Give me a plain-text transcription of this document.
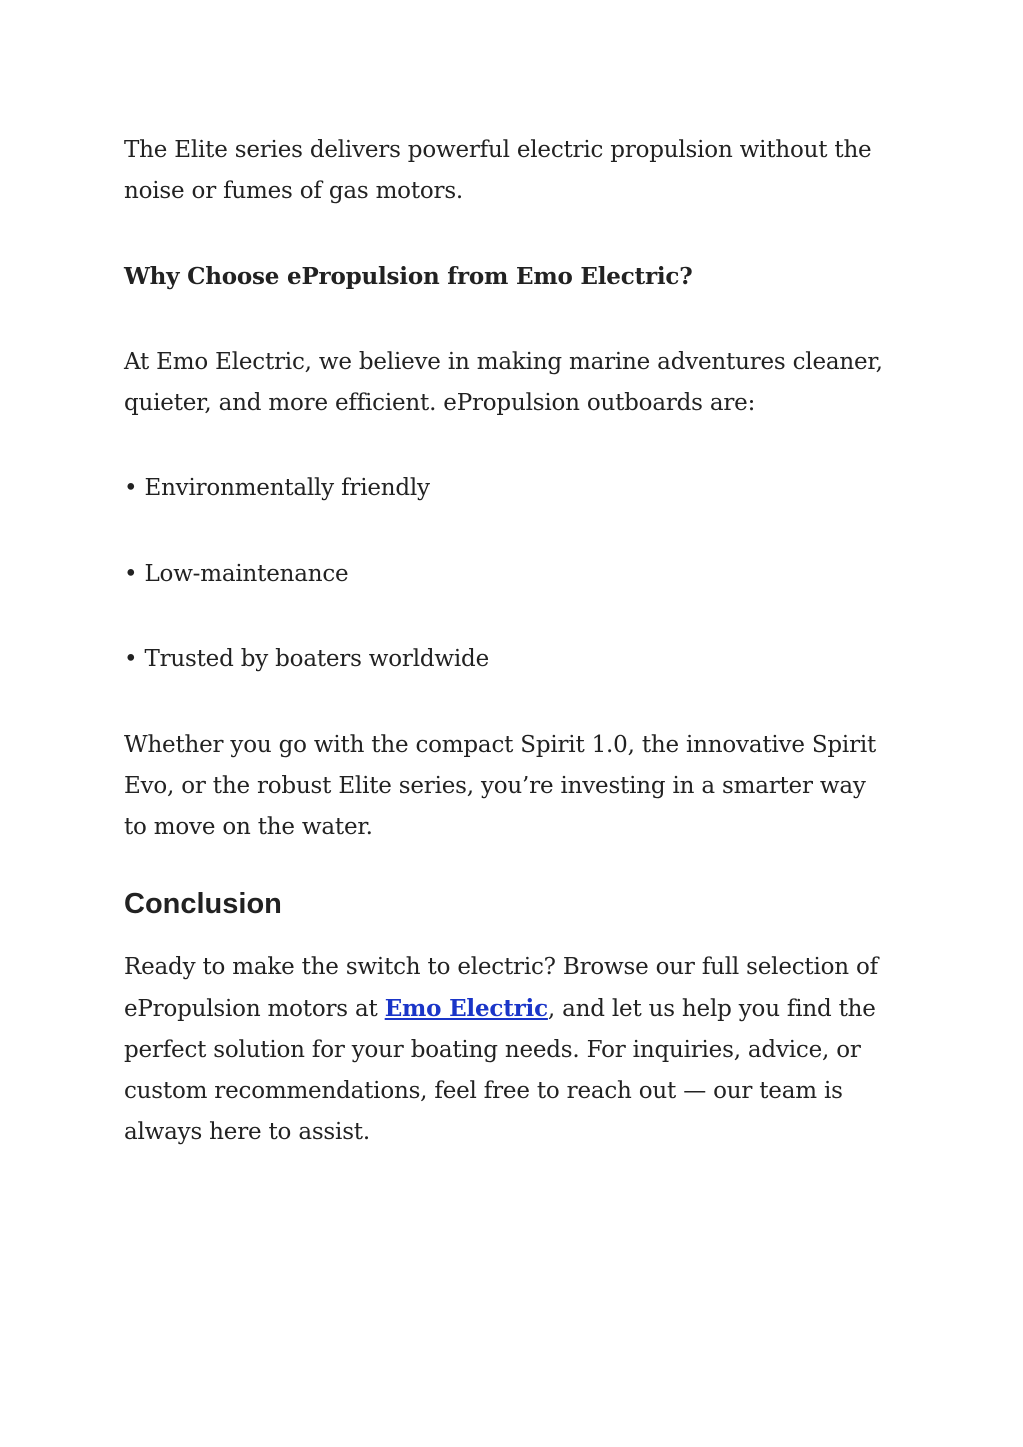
The Elite series delivers powerful electric propulsion without the noise or fumes of gas motors.

Why Choose ePropulsion from Emo Electric?

At Emo Electric, we believe in making marine adventures cleaner, quieter, and more efficient. ePropulsion outboards are:

• Environmentally friendly

• Low-maintenance

• Trusted by boaters worldwide

Whether you go with the compact Spirit 1.0, the innovative Spirit Evo, or the robust Elite series, you’re investing in a smarter way to move on the water.

Conclusion

Ready to make the switch to electric? Browse our full selection of ePropulsion motors at Emo Electric, and let us help you find the perfect solution for your boating needs. For inquiries, advice, or custom recommendations, feel free to reach out — our team is always here to assist.
